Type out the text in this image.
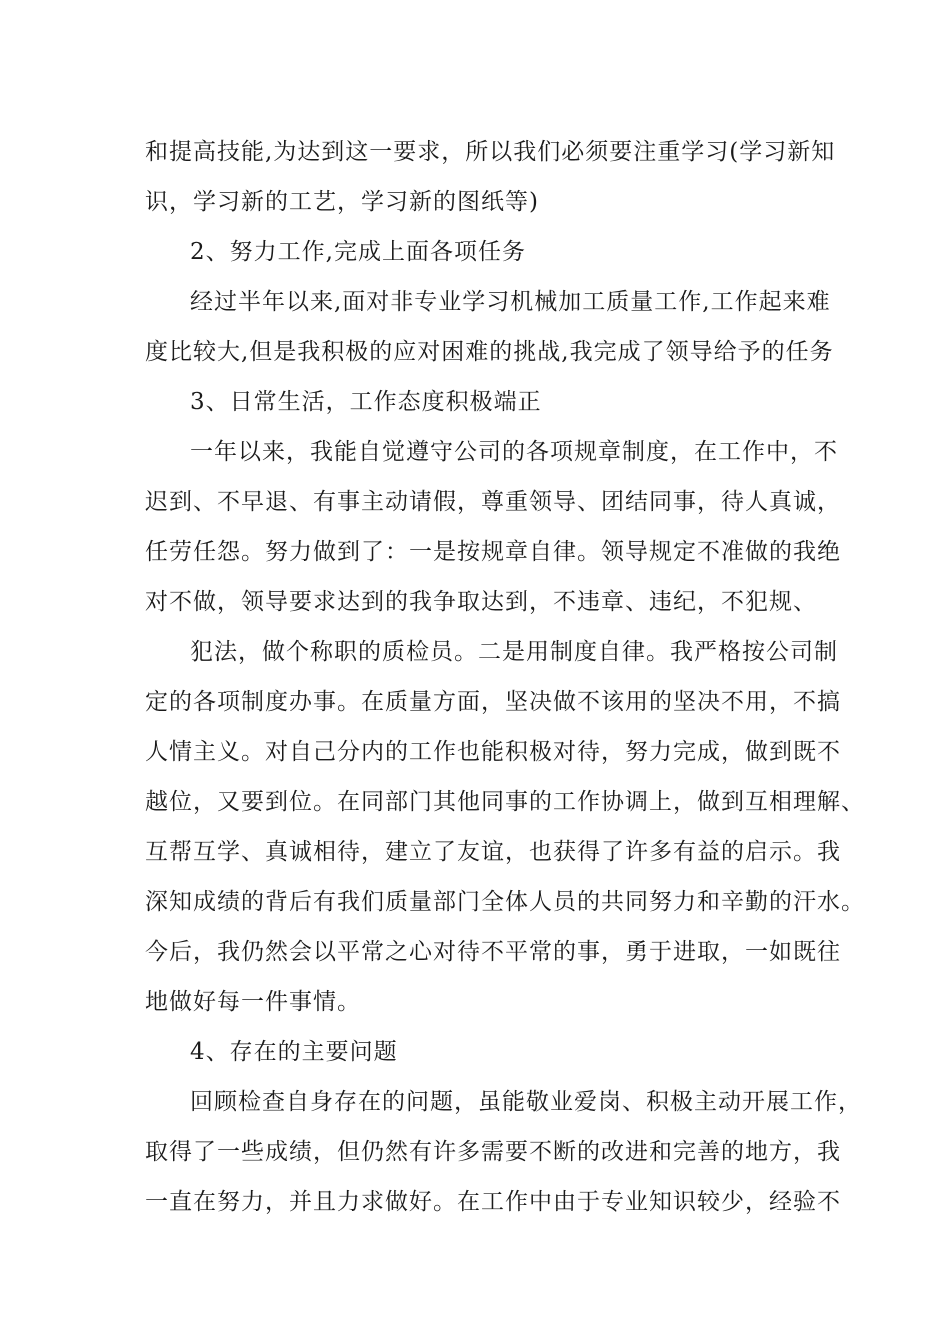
和提高技能,为达到这一要求，所以我们必须要注重学习(学习新知
识，学习新的工艺，学习新的图纸等)
2、努力工作,完成上面各项任务
经过半年以来,面对非专业学习机械加工质量工作,工作起来难
度比较大,但是我积极的应对困难的挑战,我完成了领导给予的任务
3、日常生活，工作态度积极端正
一年以来，我能自觉遵守公司的各项规章制度，在工作中，不
迟到、不早退、有事主动请假，尊重领导、团结同事，待人真诚，
任劳任怨。努力做到了：一是按规章自律。领导规定不准做的我绝
对不做，领导要求达到的我争取达到，不违章、违纪，不犯规、
犯法，做个称职的质检员。二是用制度自律。我严格按公司制
定的各项制度办事。在质量方面，坚决做不该用的坚决不用，不搞
人情主义。对自己分内的工作也能积极对待，努力完成，做到既不
越位，又要到位。在同部门其他同事的工作协调上，做到互相理解、
互帮互学、真诚相待，建立了友谊，也获得了许多有益的启示。我
深知成绩的背后有我们质量部门全体人员的共同努力和辛勤的汗水。
今后，我仍然会以平常之心对待不平常的事，勇于进取，一如既往
地做好每一件事情。
4、存在的主要问题
回顾检查自身存在的问题，虽能敬业爱岗、积极主动开展工作，
取得了一些成绩，但仍然有许多需要不断的改进和完善的地方，我
一直在努力，并且力求做好。在工作中由于专业知识较少，经验不
